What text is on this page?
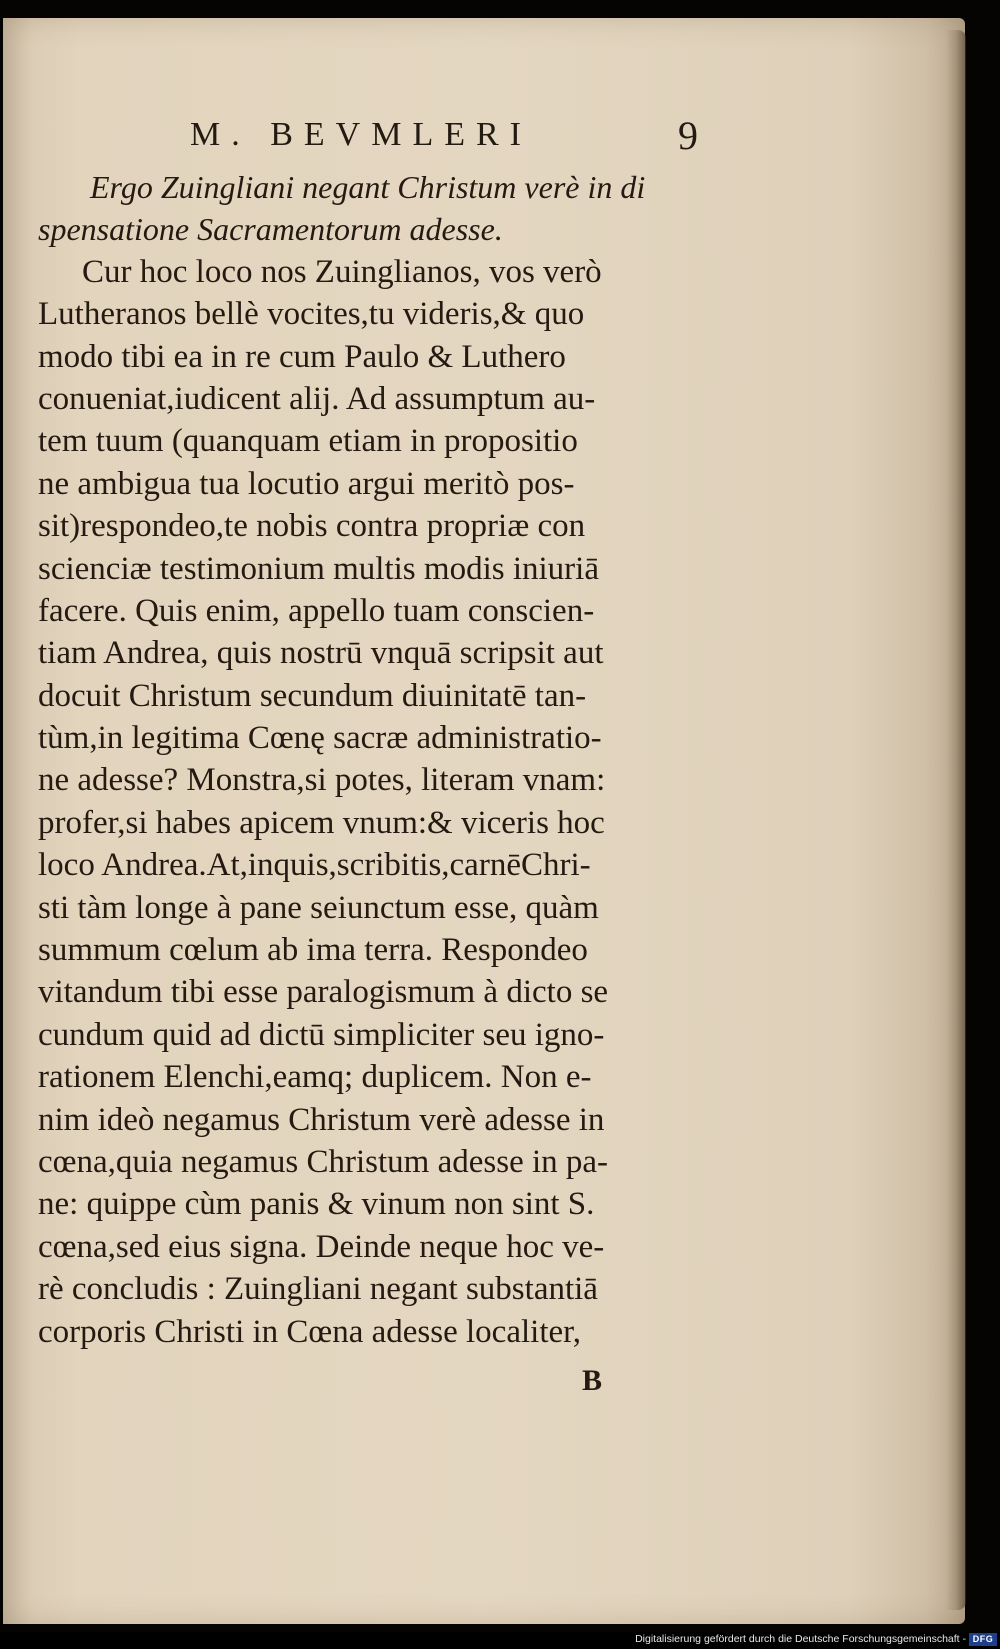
M. BEVMLERI	9
Ergo Zuingliani negant Christum verè in di
spensatione Sacramentorum adesse.
Cur hoc loco nos Zuinglianos, vos verò
Lutheranos bellè vocites,tu videris,& quo
modo tibi ea in re cum Paulo & Luthero
conueniat,iudicent alij. Ad assumptum au-
tem tuum (quanquam etiam in propositio
ne ambigua tua locutio argui meritò pos-
sit)respondeo,te nobis contra propriæ con
scienciæ testimonium multis modis iniuriā
facere. Quis enim, appello tuam conscien-
tiam Andrea, quis nostrū vnquā scripsit aut
docuit Christum secundum diuinitatē tan-
tùm,in legitima Cœnę sacræ administratio-
ne adesse? Monstra,si potes, literam vnam:
profer,si habes apicem vnum:& viceris hoc
loco Andrea.At,inquis,scribitis,carnēChri-
sti tàm longe à pane seiunctum esse, quàm
summum cœlum ab ima terra. Respondeo
vitandum tibi esse paralogismum à dicto se
cundum quid ad dictū simpliciter seu igno-
rationem Elenchi,eamq; duplicem. Non e-
nim ideò negamus Christum verè adesse in
cœna,quia negamus Christum adesse in pa-
ne: quippe cùm panis & vinum non sint S.
cœna,sed eius signa. Deinde neque hoc ve-
rè concludis : Zuingliani negant substantiā
corporis Christi in Cœna adesse localiter,
B
Digitalisierung gefördert durch die Deutsche Forschungsgemeinschaft - DFG
